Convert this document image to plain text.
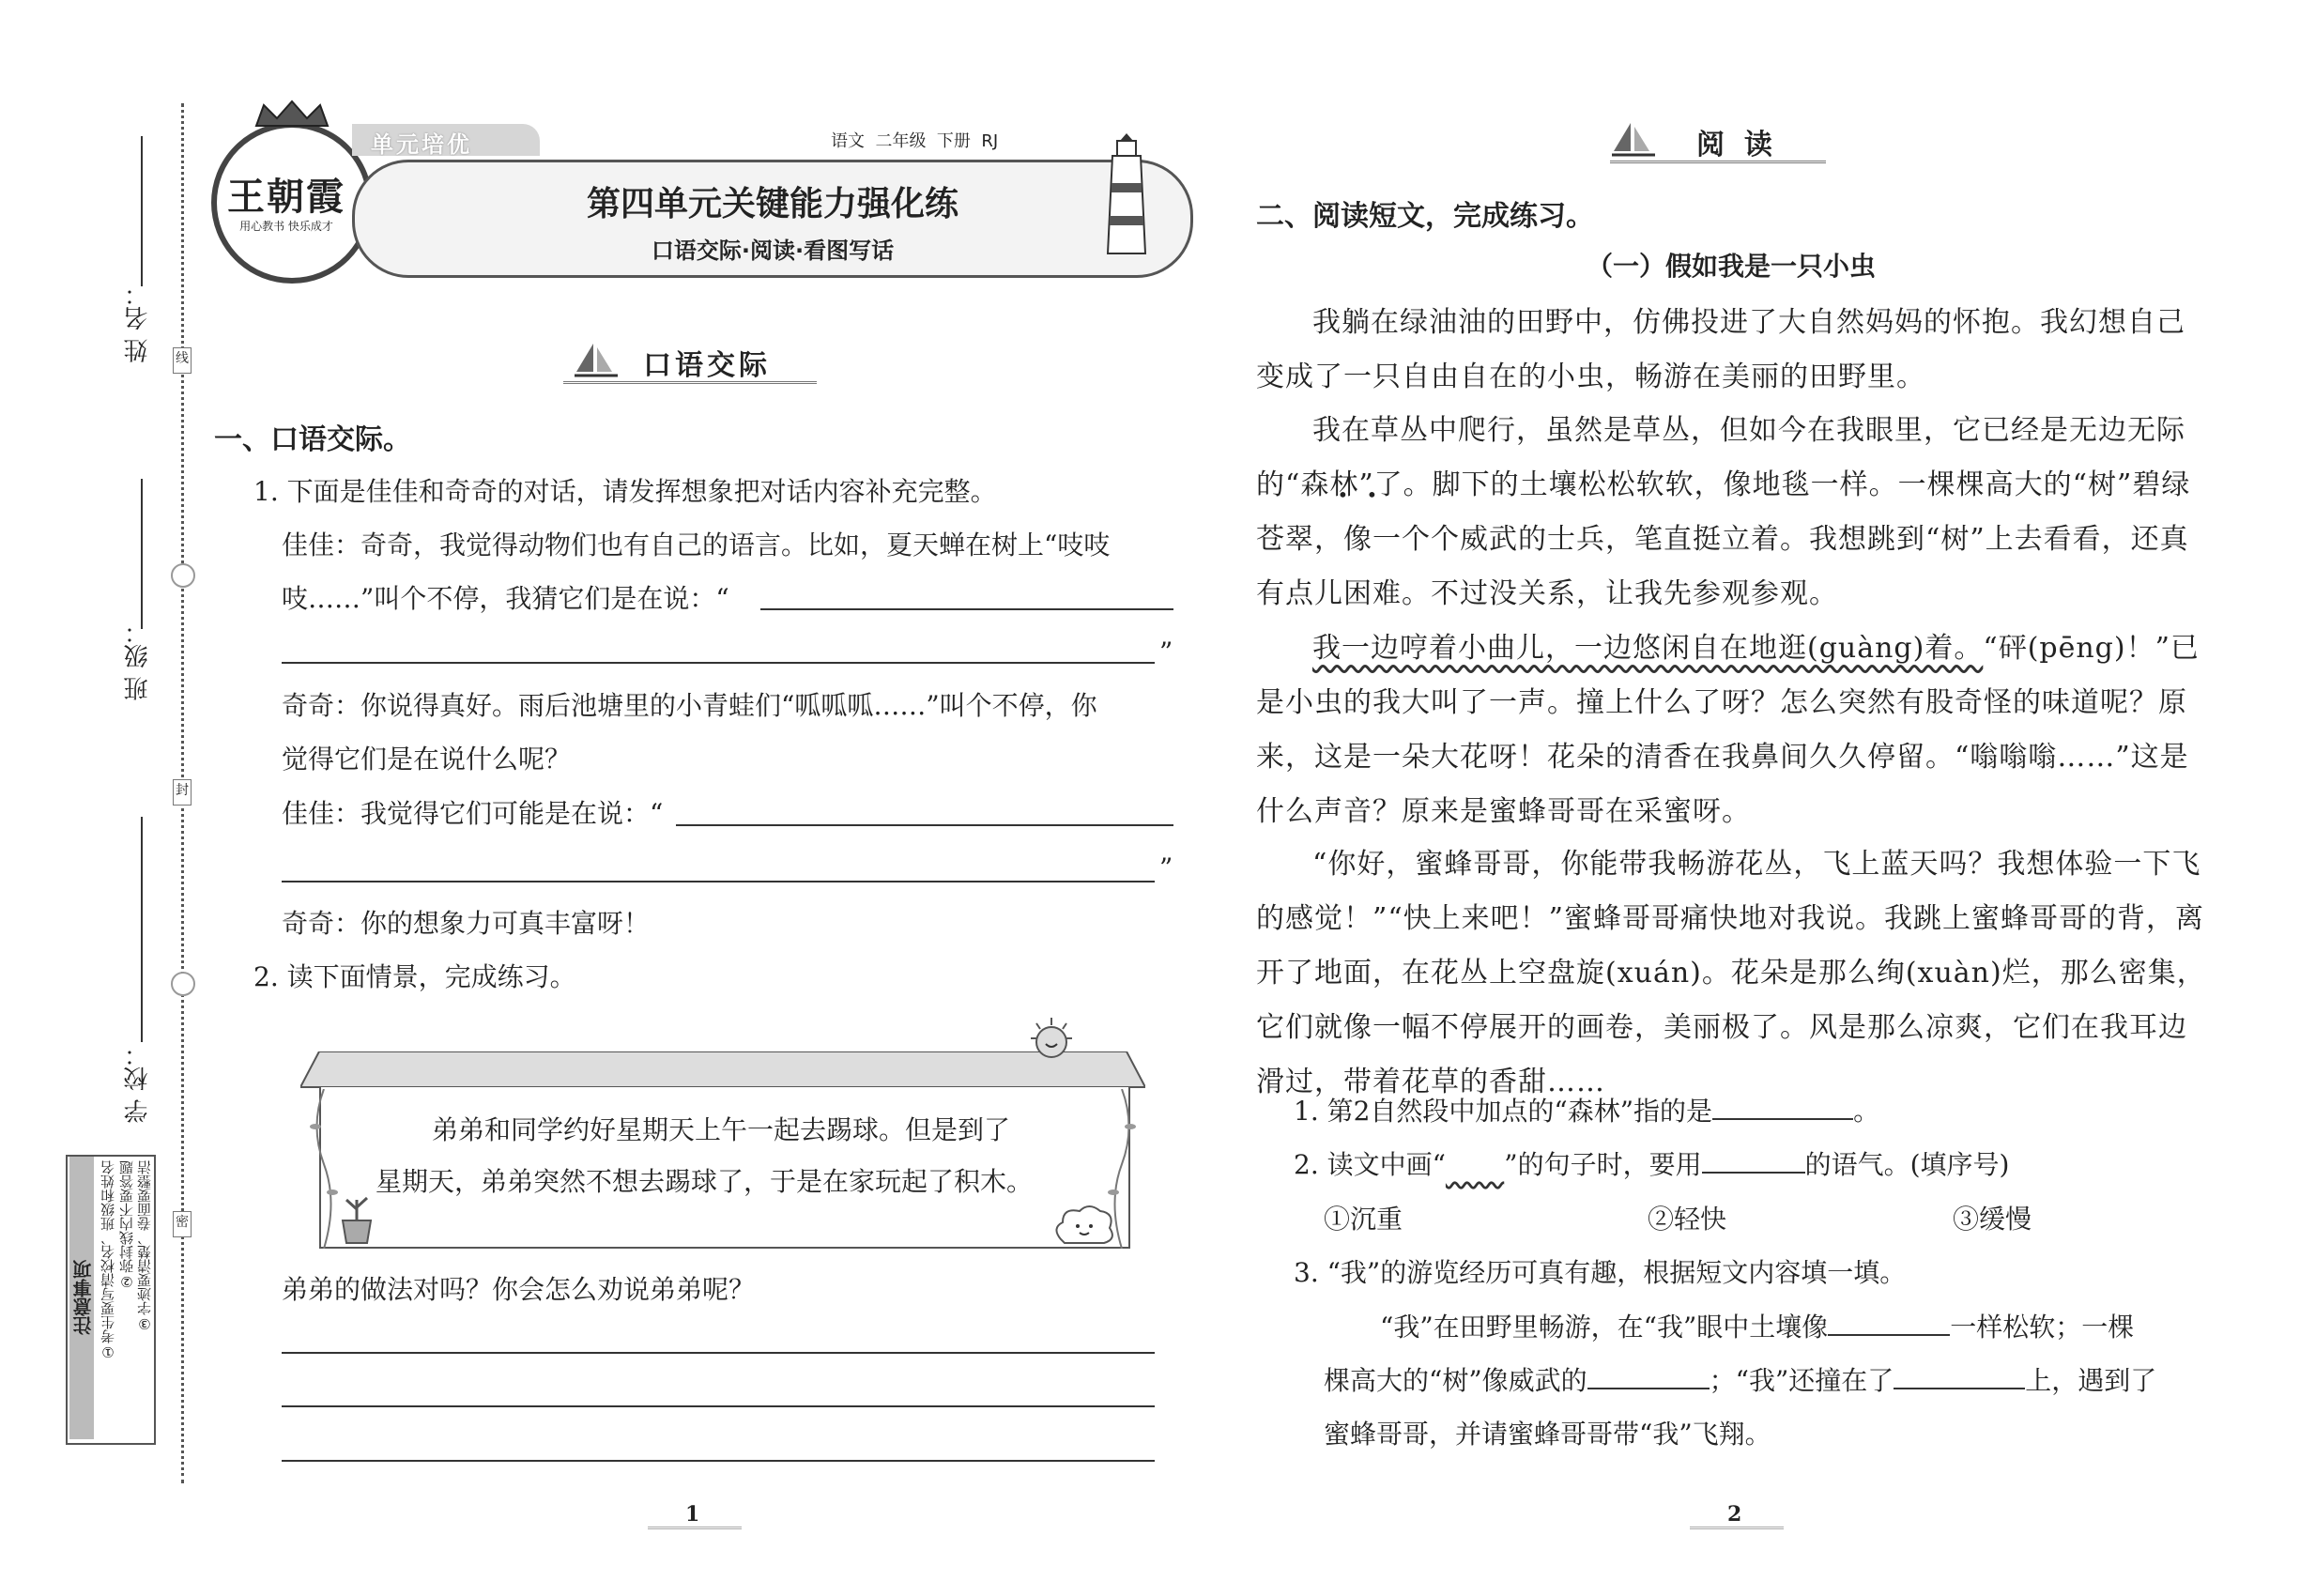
姓 名：
班 级：
学 校：
线
封
密
注意事项 ①考生要写清校名、班级和姓名 ②弥封线内不要答题 ③字迹要清楚、卷面要整洁
王朝霞
用心教书 快乐成才
单元培优	语文  二年级  下册  RJ
第四单元关键能力强化练
口语交际·阅读·看图写话
口语交际
一、口语交际。
1. 下面是佳佳和奇奇的对话，请发挥想象把对话内容补充完整。
佳佳：奇奇，我觉得动物们也有自己的语言。比如，夏天蝉在树上“吱吱
吱……”叫个不停，我猜它们是在说：“
”
奇奇：你说得真好。雨后池塘里的小青蛙们“呱呱呱……”叫个不停，你
觉得它们是在说什么呢？
佳佳：我觉得它们可能是在说：“
”
奇奇：你的想象力可真丰富呀！
2. 读下面情景，完成练习。
弟弟和同学约好星期天上午一起去踢球。但是到了
星期天，弟弟突然不想去踢球了，于是在家玩起了积木。
弟弟的做法对吗？你会怎么劝说弟弟呢？
1
阅  读
二、阅读短文，完成练习。
（一）假如我是一只小虫
我躺在绿油油的田野中，仿佛投进了大自然妈妈的怀抱。我幻想自己变成了一只自由自在的小虫，畅游在美丽的田野里。
我在草丛中爬行，虽然是草丛，但如今在我眼里，它已经是无边无际的“森林”了。脚下的土壤松松软软，像地毯一样。一棵棵高大的“树”碧绿苍翠，像一个个威武的士兵，笔直挺立着。我想跳到“树”上去看看，还真有点儿困难。不过没关系，让我先参观参观。
我一边哼着小曲儿，一边悠闲自在地逛(guàng)着。“砰(pēng)！”已是小虫的我大叫了一声。撞上什么了呀？怎么突然有股奇怪的味道呢？原来，这是一朵大花呀！花朵的清香在我鼻间久久停留。“嗡嗡嗡……”这是什么声音？原来是蜜蜂哥哥在采蜜呀。
“你好，蜜蜂哥哥，你能带我畅游花丛，飞上蓝天吗？我想体验一下飞的感觉！”“快上来吧！”蜜蜂哥哥痛快地对我说。我跳上蜜蜂哥哥的背，离开了地面，在花丛上空盘旋(xuán)。花朵是那么绚(xuàn)烂，那么密集，它们就像一幅不停展开的画卷，美丽极了。风是那么凉爽，它们在我耳边滑过，带着花草的香甜……
1. 第2自然段中加点的“森林”指的是	。
2. 读文中画“ ”的句子时，要用	的语气。(填序号)
①沉重	②轻快	③缓慢
3. “我”的游览经历可真有趣，根据短文内容填一填。
“我”在田野里畅游，在“我”眼中土壤像	一样松软；一棵
棵高大的“树”像威武的	；“我”还撞在了	上，遇到了
蜜蜂哥哥，并请蜜蜂哥哥带“我”飞翔。
2
